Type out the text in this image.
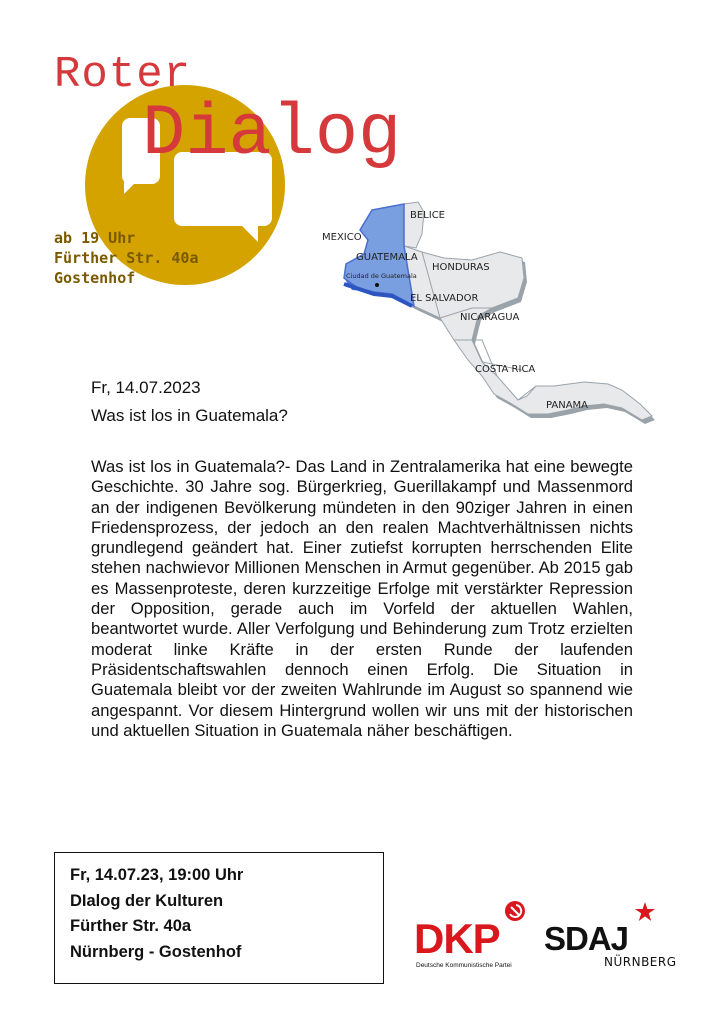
Roter
Dialog
ab 19 Uhr
Fürther Str. 40a
Gostenhof
BELICE
MEXICO
GUATEMALA
Ciudad de Guatemala
HONDURAS
EL SALVADOR
NICARAGUA
COSTA RICA
PANAMA
Fr, 14.07.2023
Was ist los in Guatemala?
Was ist los in Guatemala?- Das Land in Zentralamerika hat eine bewegte Geschichte. 30 Jahre sog. Bürgerkrieg, Guerillakampf und Massenmord an der indigenen Bevölkerung mündeten in den 90ziger Jahren in einen Friedensprozess, der jedoch an den realen Machtverhältnissen nichts grundlegend geändert hat. Einer zutiefst korrupten herrschenden Elite stehen nachwievor Millionen Menschen in Armut gegenüber. Ab 2015 gab es Massenproteste, deren kurzzeitige Erfolge mit verstärkter Repression der Opposition, gerade auch im Vorfeld der aktuellen Wahlen, beantwortet wurde. Aller Verfolgung und Behinderung zum Trotz erzielten moderat linke Kräfte in der ersten Runde der laufenden Präsidentschaftswahlen dennoch einen Erfolg. Die Situation in Guatemala bleibt vor der zweiten Wahlrunde im August so spannend wie angespannt. Vor diesem Hintergrund wollen wir uns mit der historischen und aktuellen Situation in Guatemala näher beschäftigen.
Fr, 14.07.23, 19:00 Uhr
DIalog der Kulturen
Fürther Str. 40a
Nürnberg - Gostenhof	DKP
Deutsche Kommunistische Partei
SDAJ
NÜRNBERG
